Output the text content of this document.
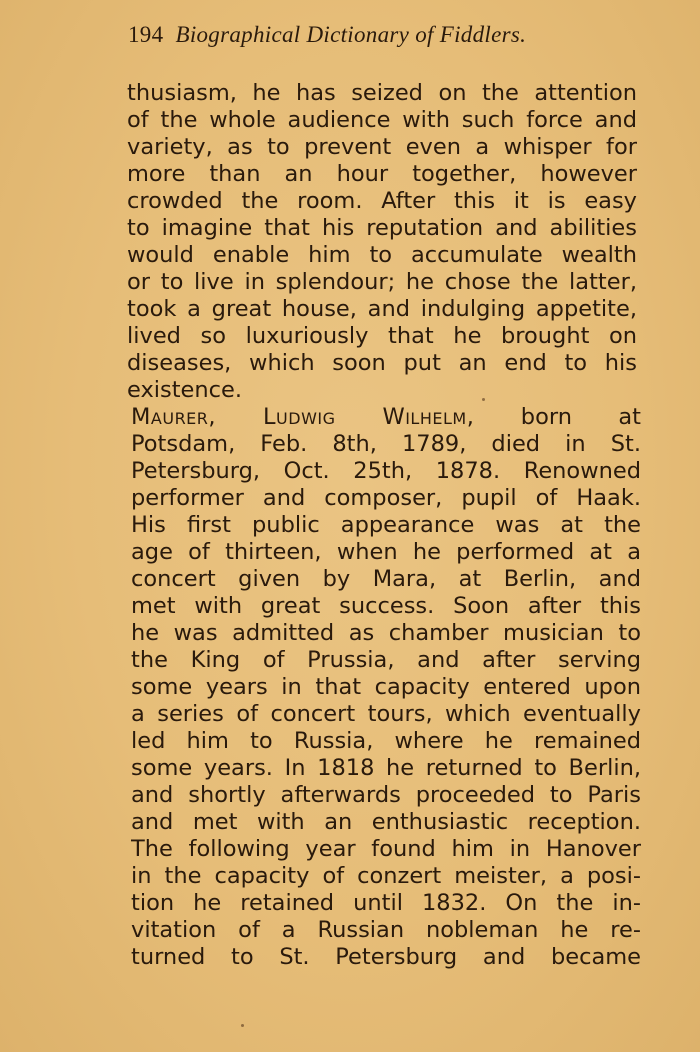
194 Biographical Dictionary of Fiddlers.
thusiasm, he has seized on the attention
of the whole audience with such force and
variety, as to prevent even a whisper for
more than an hour together, however
crowded the room. After this it is easy
to imagine that his reputation and abilities
would enable him to accumulate wealth
or to live in splendour; he chose the latter,
took a great house, and indulging appetite,
lived so luxuriously that he brought on
diseases, which soon put an end to his
existence.
Maurer, Ludwig Wilhelm, born at
Potsdam, Feb. 8th, 1789, died in St.
Petersburg, Oct. 25th, 1878. Renowned
performer and composer, pupil of Haak.
His first public appearance was at the
age of thirteen, when he performed at a
concert given by Mara, at Berlin, and
met with great success. Soon after this
he was admitted as chamber musician to
the King of Prussia, and after serving
some years in that capacity entered upon
a series of concert tours, which eventually
led him to Russia, where he remained
some years. In 1818 he returned to Berlin,
and shortly afterwards proceeded to Paris
and met with an enthusiastic reception.
The following year found him in Hanover
in the capacity of conzert meister, a posi-
tion he retained until 1832. On the in-
vitation of a Russian nobleman he re-
turned to St. Petersburg and became
